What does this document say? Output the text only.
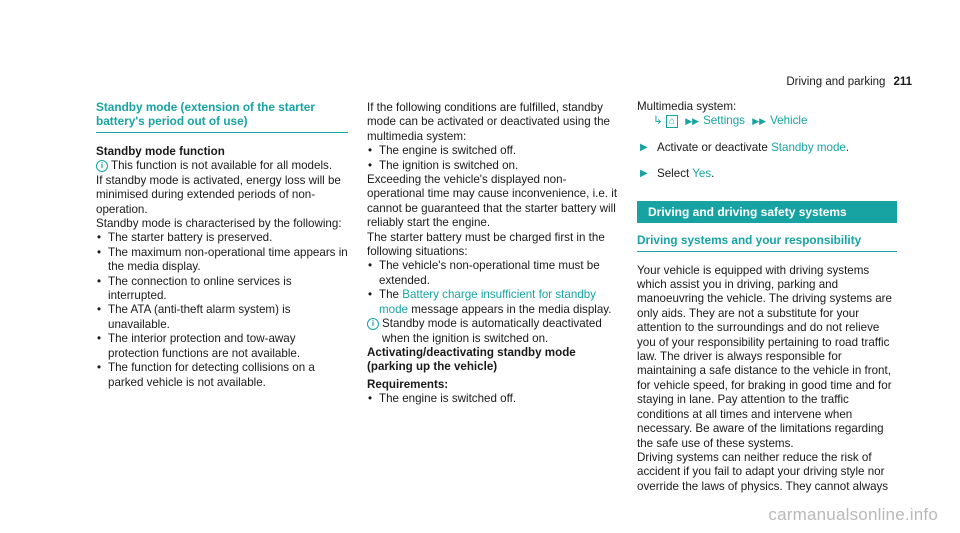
Driving and parking 211
Standby mode (extension of the starter battery's period out of use)

Standby mode function

i This function is not available for all models.

If standby mode is activated, energy loss will be minimised during extended periods of non-operation.

Standby mode is characterised by the following:

• The starter battery is preserved.
• The maximum non-operational time appears in the media display.
• The connection to online services is interrupted.
• The ATA (anti-theft alarm system) is unavailable.
• The interior protection and tow-away protection functions are not available.
• The function for detecting collisions on a parked vehicle is not available.

If the following conditions are fulfilled, standby mode can be activated or deactivated using the multimedia system:

• The engine is switched off.
• The ignition is switched on.

Exceeding the vehicle's displayed non-operational time may cause inconvenience, i.e. it cannot be guaranteed that the starter battery will reliably start the engine.

The starter battery must be charged first in the following situations:

• The vehicle's non-operational time must be extended.
• The Battery charge insufficient for standby mode message appears in the media display.

i Standby mode is automatically deactivated when the ignition is switched on.

Activating/deactivating standby mode (parking up the vehicle)

Requirements:

• The engine is switched off.

Multimedia system:

↳ ⌂ ▶▶ Settings ▶▶ Vehicle

▶ Activate or deactivate Standby mode.

▶ Select Yes.

Driving and driving safety systems
Driving systems and your responsibility

Your vehicle is equipped with driving systems which assist you in driving, parking and manoeuvring the vehicle. The driving systems are only aids. They are not a substitute for your attention to the surroundings and do not relieve you of your responsibility pertaining to road traffic law. The driver is always responsible for maintaining a safe distance to the vehicle in front, for vehicle speed, for braking in good time and for staying in lane. Pay attention to the traffic conditions at all times and intervene when necessary. Be aware of the limitations regarding the safe use of these systems.

Driving systems can neither reduce the risk of accident if you fail to adapt your driving style nor override the laws of physics. They cannot always

carmanualsonline.info
